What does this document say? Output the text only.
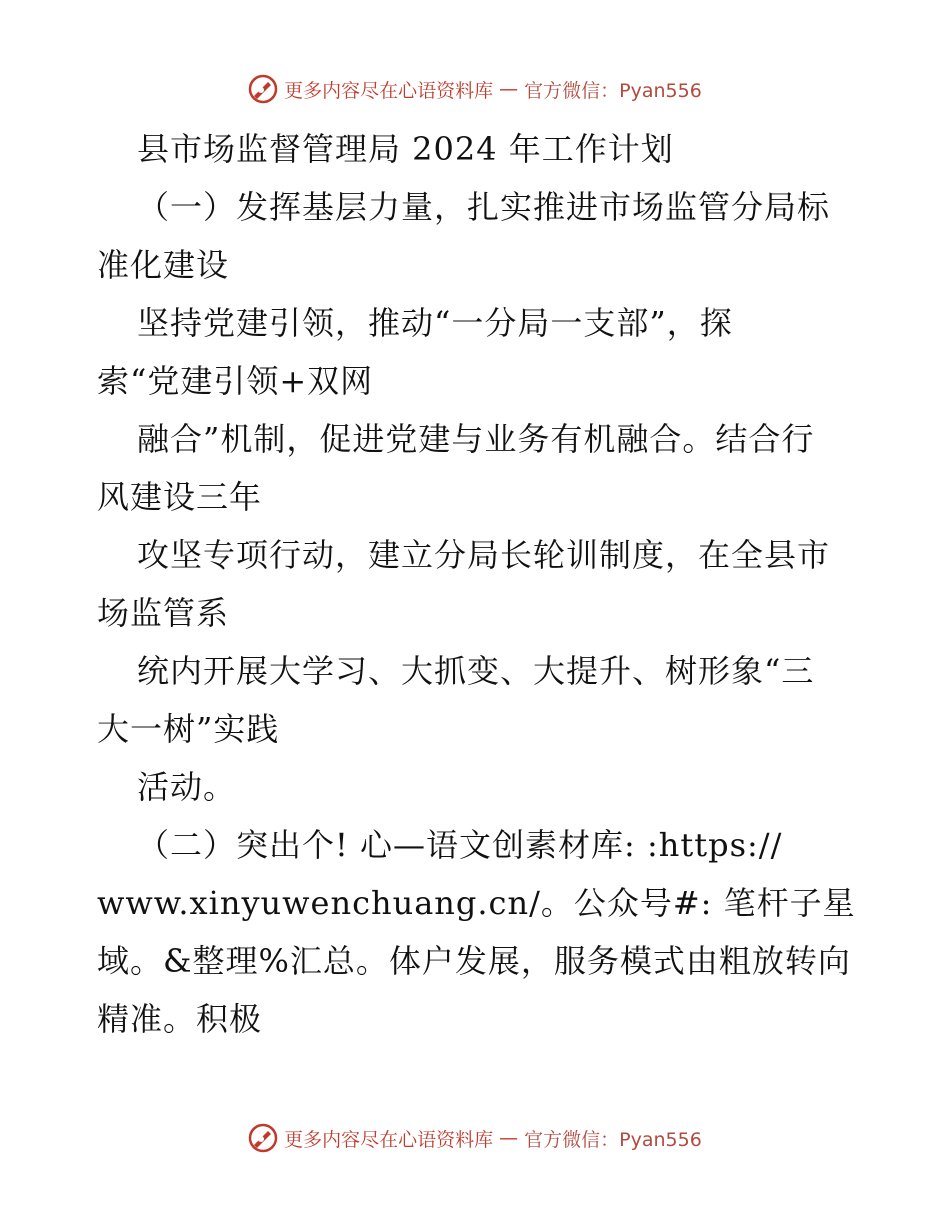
更多内容尽在心语资料库 — 官方微信：Pyan556
县市场监督管理局 2024 年工作计划
（一）发挥基层力量，扎实推进市场监管分局标
准化建设
坚持党建引领，推动“一分局一支部”，探
索“党建引领+双网
融合”机制，促进党建与业务有机融合。结合行
风建设三年
攻坚专项行动，建立分局长轮训制度，在全县市
场监管系
统内开展大学习、大抓变、大提升、树形象“三
大一树”实践
活动。
（二）突出个! 心—语文创素材库: :https://
www.xinyuwenchuang.cn/。公众号#: 笔杆子星
域。&整理%汇总。体户发展，服务模式由粗放转向
精准。积极
更多内容尽在心语资料库 — 官方微信：Pyan556
